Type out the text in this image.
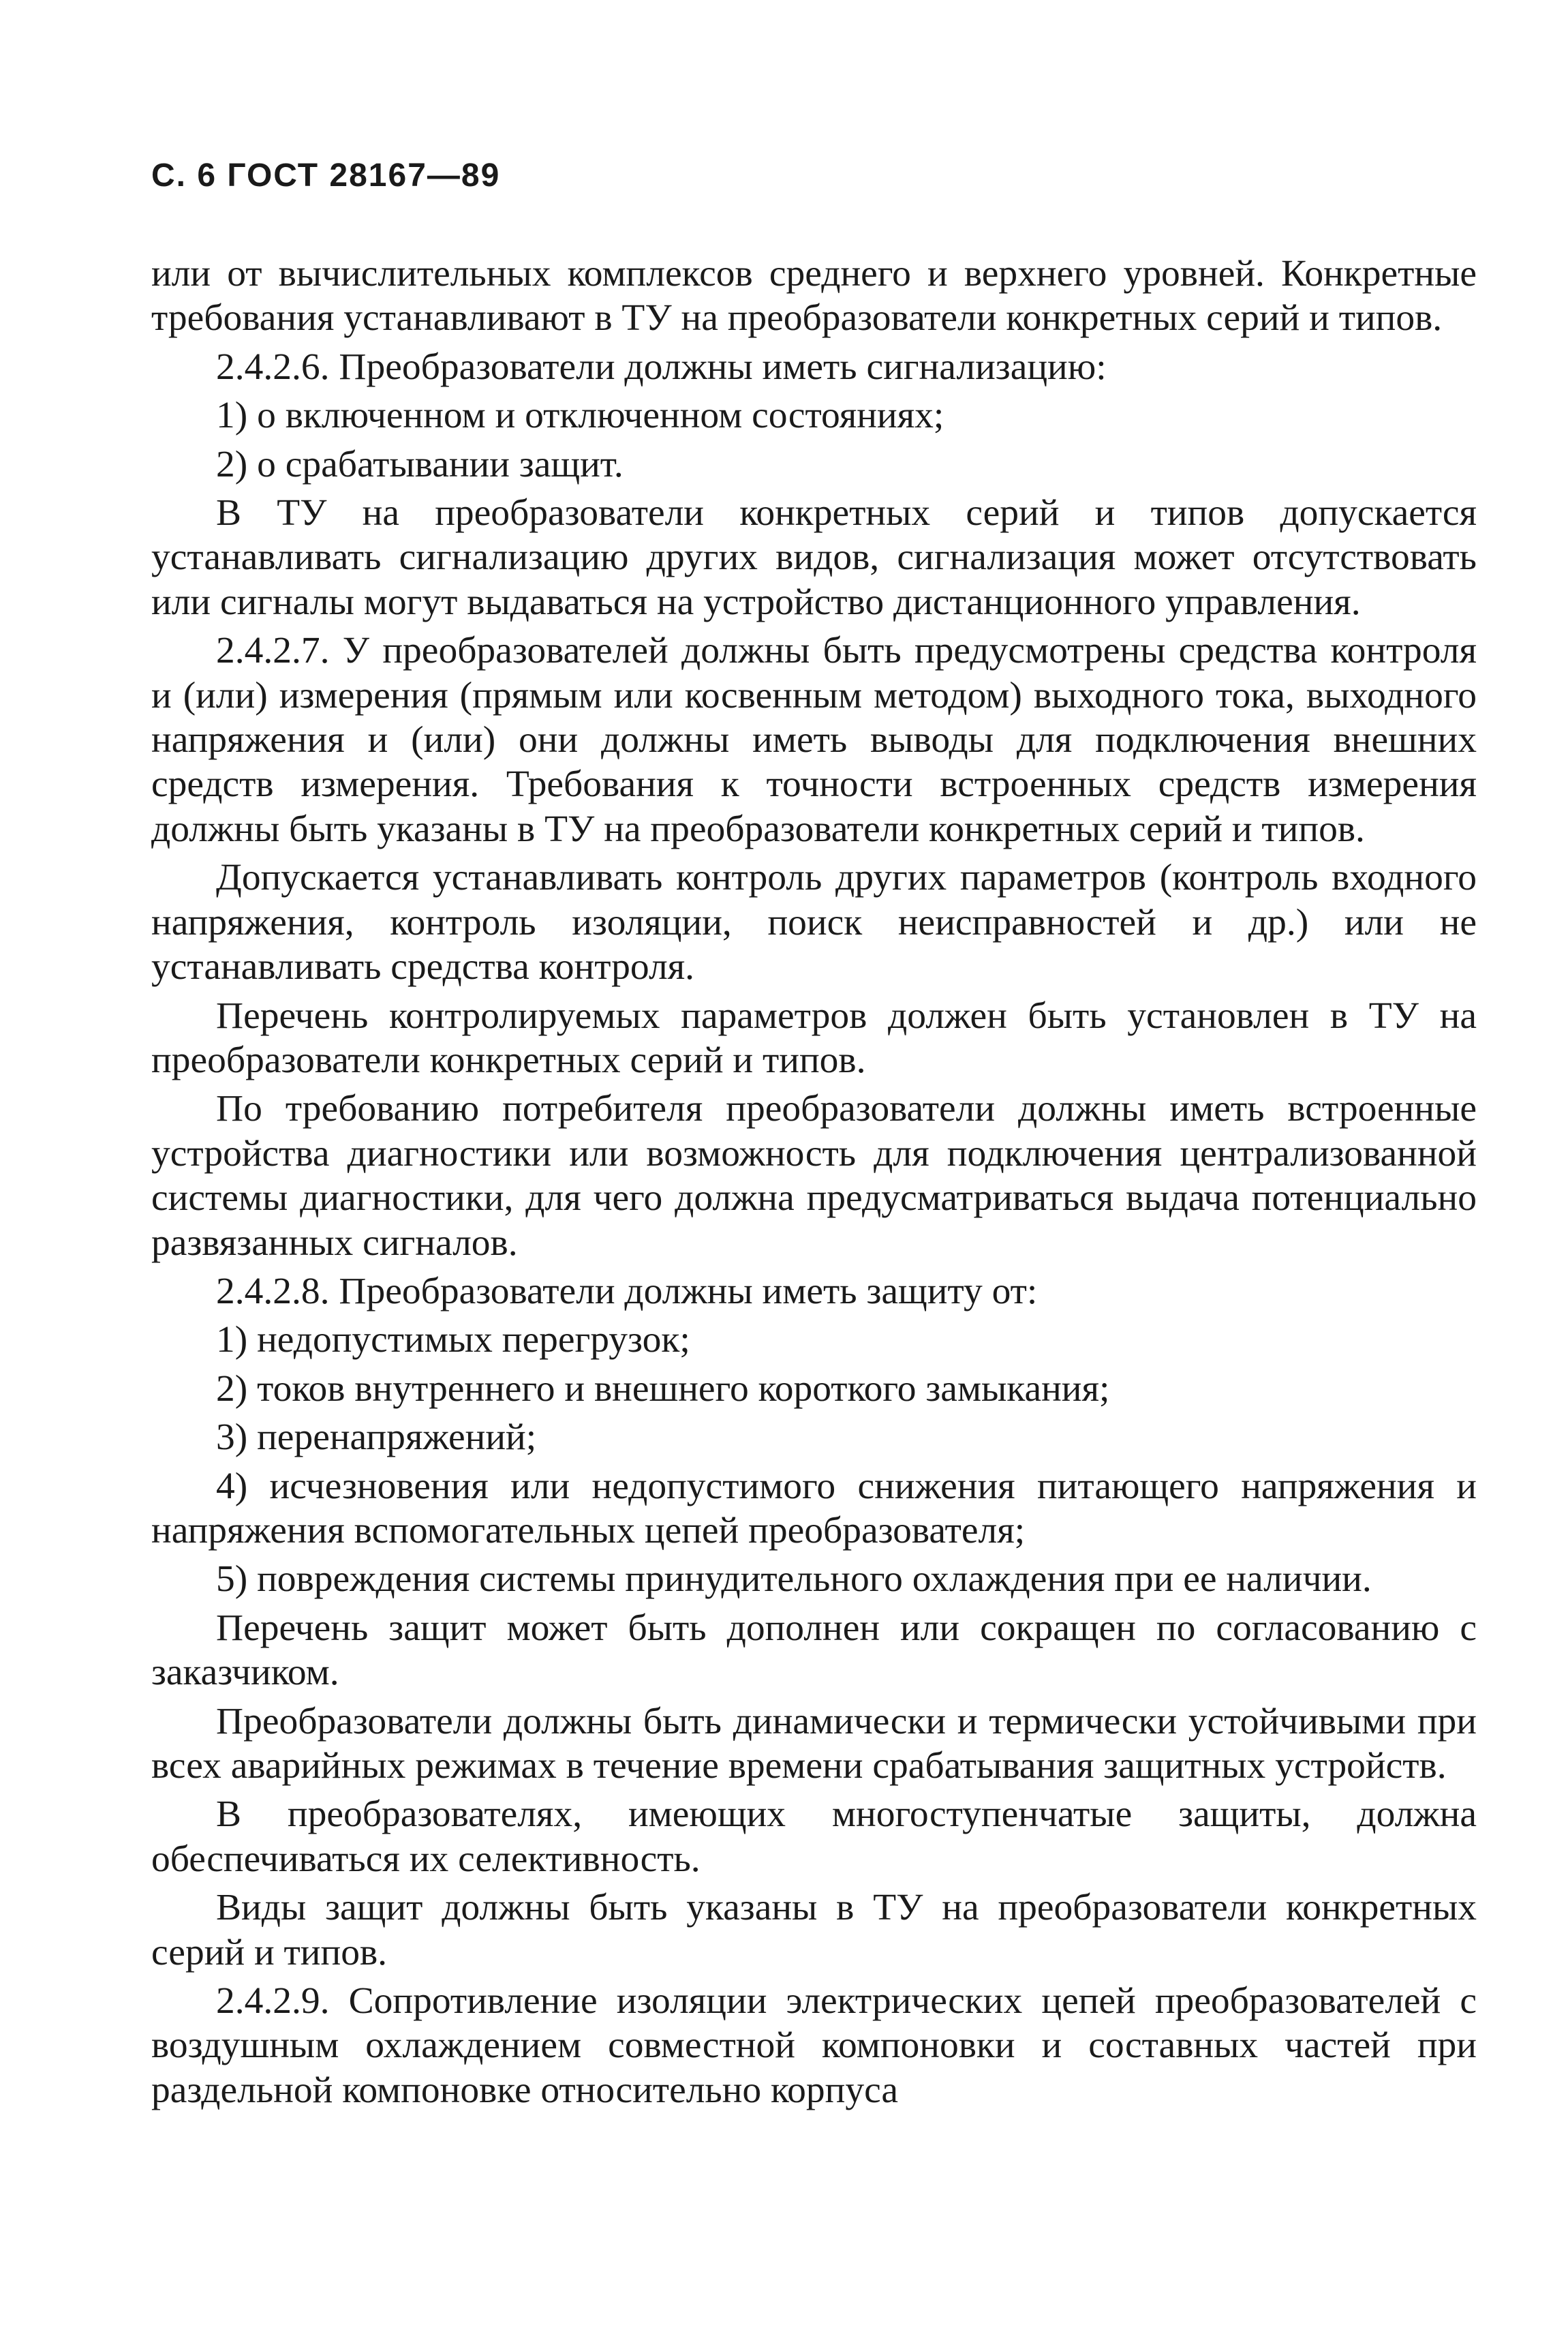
С. 6 ГОСТ 28167—89

или от вычислительных комплексов среднего и верхнего уровней. Конкретные требования устанавливают в ТУ на преобразователи конкретных серий и типов.

2.4.2.6. Преобразователи должны иметь сигнализацию:

1) о включенном и отключенном состояниях;

2) о срабатывании защит.

В ТУ на преобразователи конкретных серий и типов допускается устанавливать сигнализацию других видов, сигнализация может отсутствовать или сигналы могут выдаваться на устройство дистанционного управления.

2.4.2.7. У преобразователей должны быть предусмотрены средства контроля и (или) измерения (прямым или косвенным методом) выходного тока, выходного напряжения и (или) они должны иметь выводы для подключения внешних средств измерения. Требования к точности встроенных средств измерения должны быть указаны в ТУ на преобразователи конкретных серий и типов.

Допускается устанавливать контроль других параметров (контроль входного напряжения, контроль изоляции, поиск неисправностей и др.) или не устанавливать средства контроля.

Перечень контролируемых параметров должен быть установлен в ТУ на преобразователи конкретных серий и типов.

По требованию потребителя преобразователи должны иметь встроенные устройства диагностики или возможность для подключения централизованной системы диагностики, для чего должна предусматриваться выдача потенциально развязанных сигналов.

2.4.2.8. Преобразователи должны иметь защиту от:

1) недопустимых перегрузок;

2) токов внутреннего и внешнего короткого замыкания;

3) перенапряжений;

4) исчезновения или недопустимого снижения питающего напряжения и напряжения вспомогательных цепей преобразователя;

5) повреждения системы принудительного охлаждения при ее наличии.

Перечень защит может быть дополнен или сокращен по согласованию с заказчиком.

Преобразователи должны быть динамически и термически устойчивыми при всех аварийных режимах в течение времени срабатывания защитных устройств.

В преобразователях, имеющих многоступенчатые защиты, должна обеспечиваться их селективность.

Виды защит должны быть указаны в ТУ на преобразователи конкретных серий и типов.

2.4.2.9. Сопротивление изоляции электрических цепей преобразователей с воздушным охлаждением совместной компоновки и составных частей при раздельной компоновке относительно корпуса
